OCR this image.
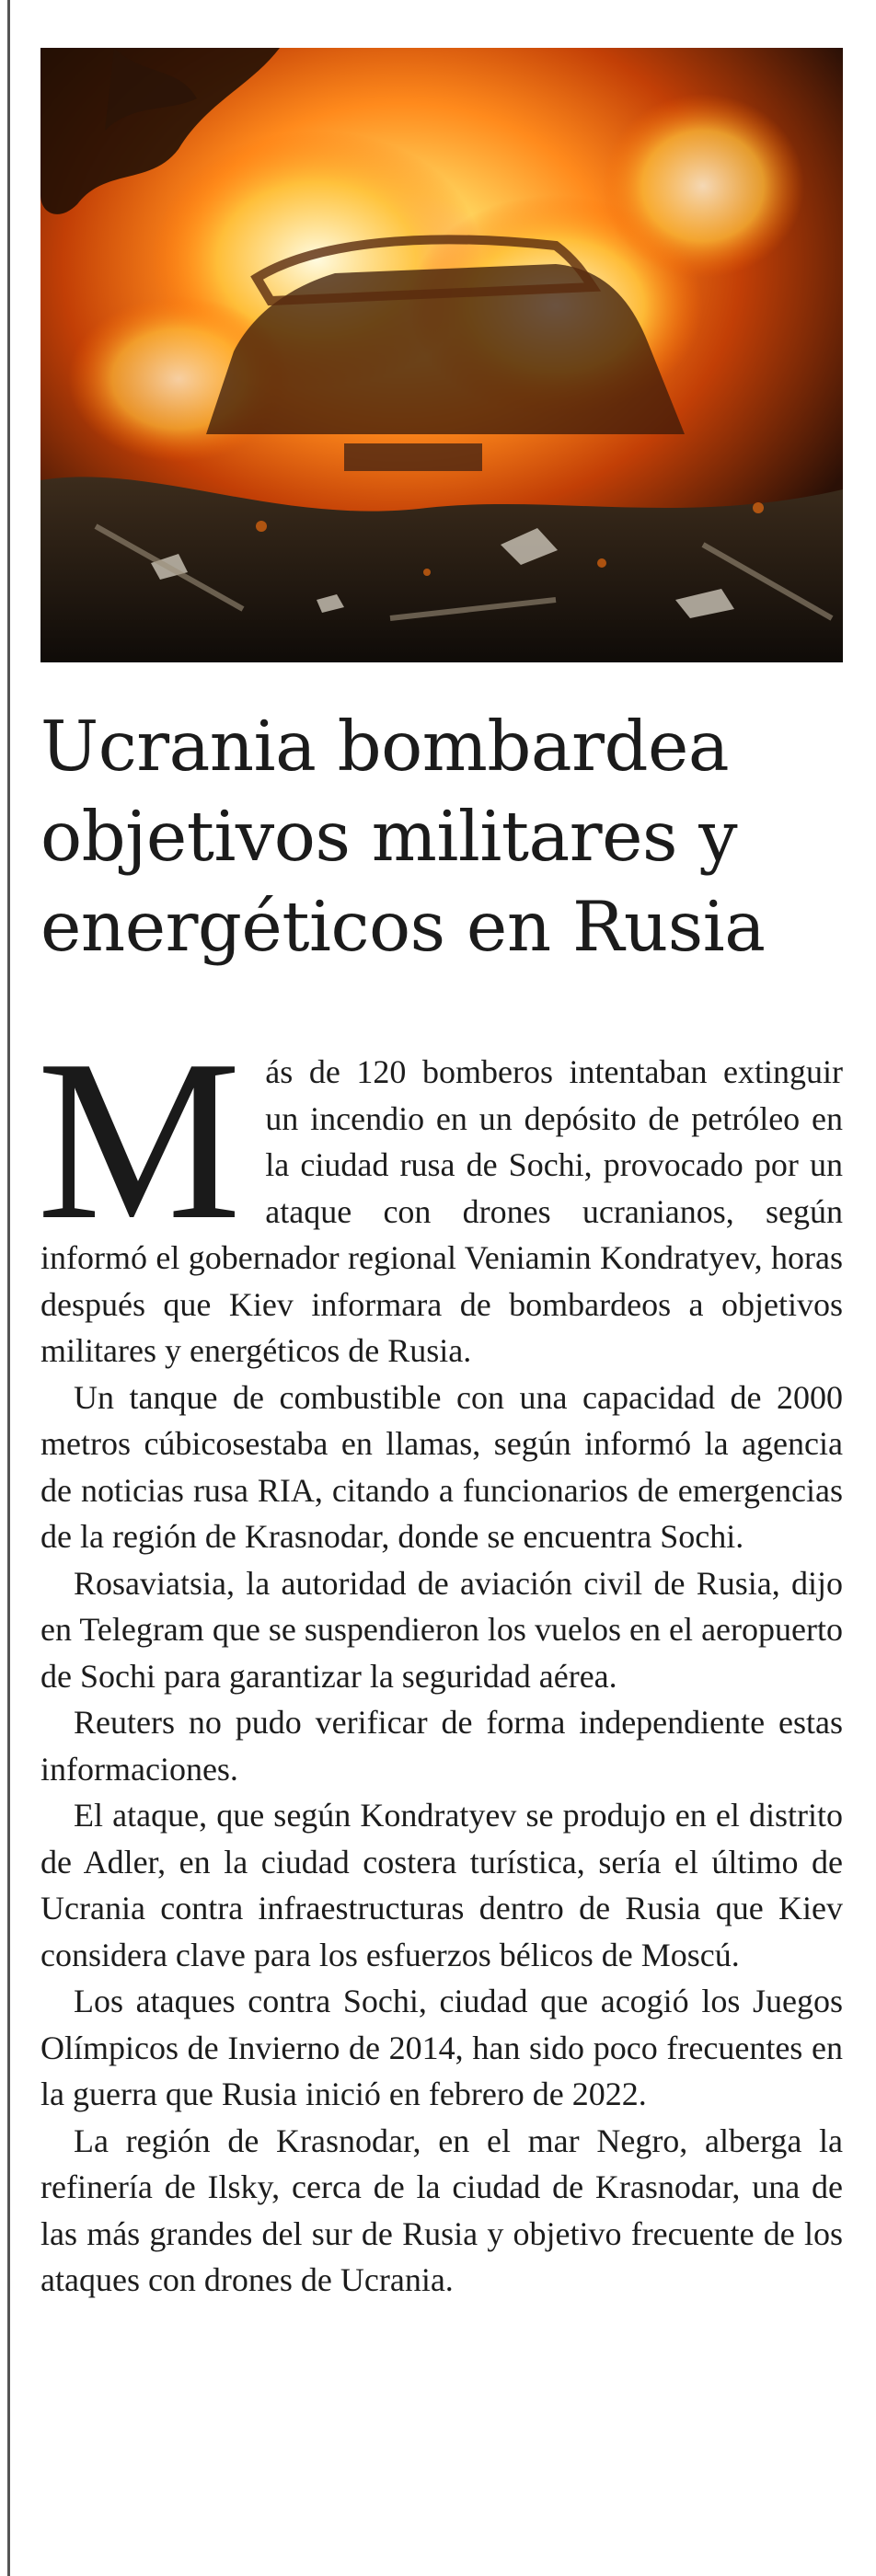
Ucrania bombardea
objetivos militares y
energéticos en Rusia

Más de 120 bomberos intentaban extinguir un incendio en un depósito de petróleo en la ciudad rusa de Sochi, provocado por un ataque con drones ucranianos, según informó el gobernador regional Veniamin Kondratyev, horas después que Kiev informara de bombardeos a objetivos militares y energéticos de Rusia.

Un tanque de combustible con una capacidad de 2000 metros cúbicosestaba en llamas, según informó la agencia de noticias rusa RIA, citando a funcionarios de emergencias de la región de Krasnodar, donde se encuentra Sochi.

Rosaviatsia, la autoridad de aviación civil de Rusia, dijo en Telegram que se suspendieron los vuelos en el aeropuerto de Sochi para garantizar la seguridad aérea.

Reuters no pudo verificar de forma independiente estas informaciones.

El ataque, que según Kondratyev se produjo en el distrito de Adler, en la ciudad costera turística, sería el último de Ucrania contra infraestructuras dentro de Rusia que Kiev considera clave para los esfuerzos bélicos de Moscú.

Los ataques contra Sochi, ciudad que acogió los Juegos Olímpicos de Invierno de 2014, han sido poco frecuentes en la guerra que Rusia inició en febrero de 2022.

La región de Krasnodar, en el mar Negro, alberga la refinería de Ilsky, cerca de la ciudad de Krasnodar, una de las más grandes del sur de Rusia y objetivo frecuente de los ataques con drones de Ucrania.
